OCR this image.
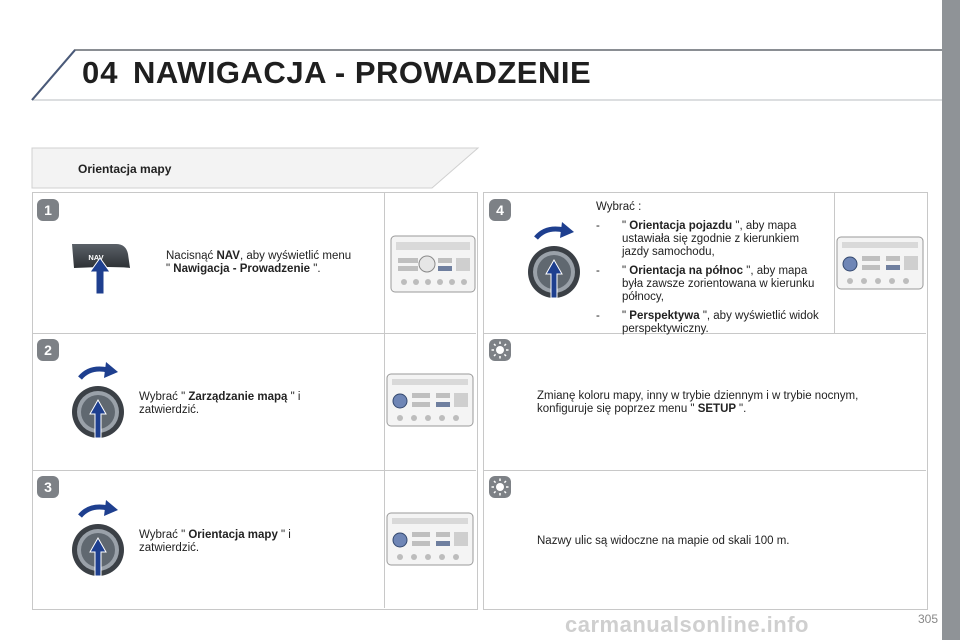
04 NAWIGACJA - PROWADZENIE
Orientacja mapy
1
2
3
4
NAV	Nacisnąć NAV, aby wyświetlić menu " Nawigacja - Prowadzenie ".
Wybrać " Zarządzanie mapą " i zatwierdzić.
Wybrać " Orientacja mapy " i zatwierdzić.
Wybrać :
- " Orientacja pojazdu ", aby mapa ustawiała się zgodnie z kierunkiem jazdy samochodu,
- " Orientacja na północ ", aby mapa była zawsze zorientowana w kierunku północy,
- " Perspektywa ", aby wyświetlić widok perspektywiczny.
Zmianę koloru mapy, inny w trybie dziennym i w trybie nocnym, konfiguruje się poprzez menu " SETUP ".
Nazwy ulic są widoczne na mapie od skali 100 m.
carmanualsonline.info	305
